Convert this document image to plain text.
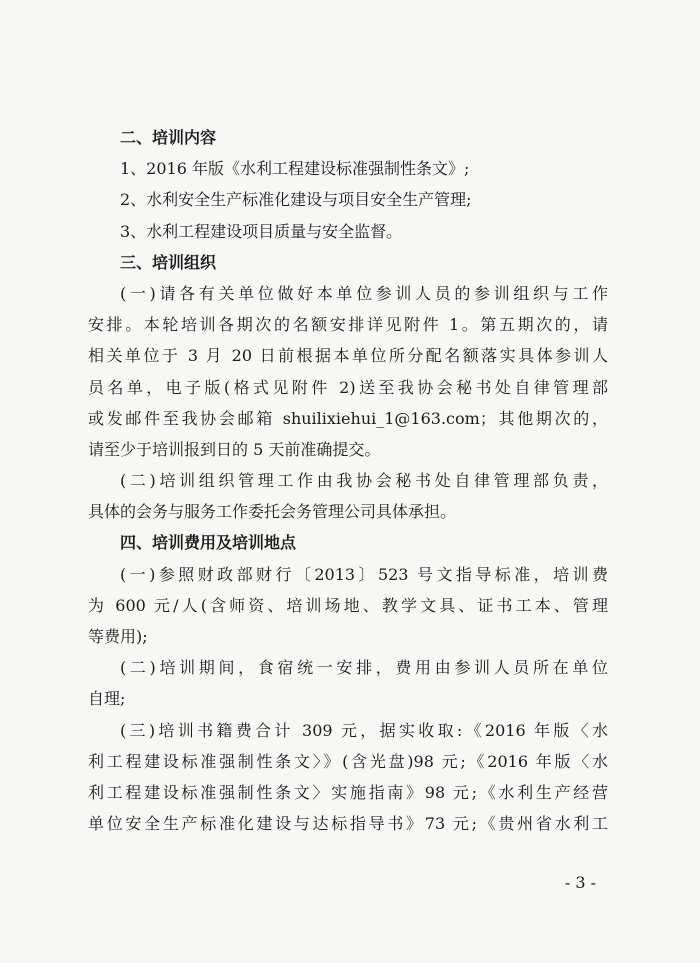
二、培训内容
1、2016 年版《水利工程建设标准强制性条文》;
2、水利安全生产标准化建设与项目安全生产管理;
3、水利工程建设项目质量与安全监督。
三、培训组织
(一)请各有关单位做好本单位参训人员的参训组织与工作
安排。本轮培训各期次的名额安排详见附件 1。第五期次的，请
相关单位于 3 月 20 日前根据本单位所分配名额落实具体参训人
员名单，电子版(格式见附件 2)送至我协会秘书处自律管理部
或发邮件至我协会邮箱 shuilixiehui_1@163.com；其他期次的，
请至少于培训报到日的 5 天前准确提交。
(二)培训组织管理工作由我协会秘书处自律管理部负责，
具体的会务与服务工作委托会务管理公司具体承担。
四、培训费用及培训地点
(一)参照财政部财行〔2013〕523 号文指导标准，培训费
为 600 元/人(含师资、培训场地、教学文具、证书工本、管理
等费用);
(二)培训期间，食宿统一安排，费用由参训人员所在单位
自理;
(三)培训书籍费合计 309 元，据实收取:《2016 年版〈水
利工程建设标准强制性条文〉》(含光盘)98 元;《2016 年版〈水
利工程建设标准强制性条文〉实施指南》98 元;《水利生产经营
单位安全生产标准化建设与达标指导书》73 元;《贵州省水利工
- 3 -
